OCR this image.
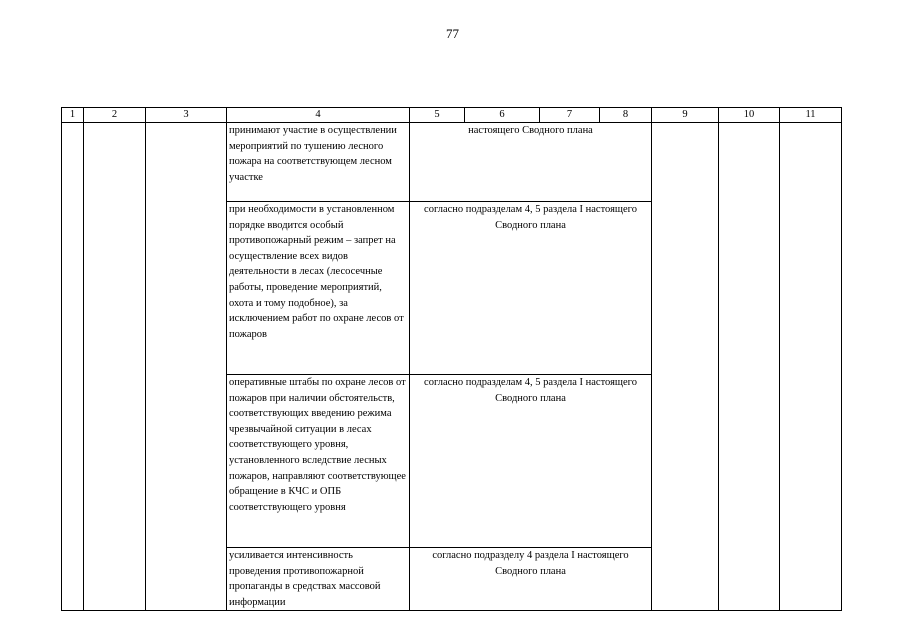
77
1	2	3	4	5	6	7	8	9	10	11
			принимают участие в осуществлении мероприятий по тушению лесного пожара на соответствующем лесном участке	настоящего Сводного плана						
			при необходимости в установленном порядке вводится особый противопожарный режим – запрет на осуществление всех видов деятельности в лесах (лесосечные работы, проведение мероприятий, охота и тому подобное), за исключением работ по охране лесов от пожаров	согласно подразделам 4, 5 раздела I настоящего Сводного плана						
			оперативные штабы по охране лесов от пожаров при наличии обстоятельств, соответствующих введению режима чрезвычайной ситуации в лесах соответствующего уровня, установленного вследствие лесных пожаров, направляют соответствующее обращение в КЧС и ОПБ соответствующего уровня	согласно подразделам 4, 5 раздела I настоящего Сводного плана						
			усиливается интенсивность проведения противопожарной пропаганды в средствах массовой информации	согласно подразделу 4 раздела I настоящего Сводного плана						
